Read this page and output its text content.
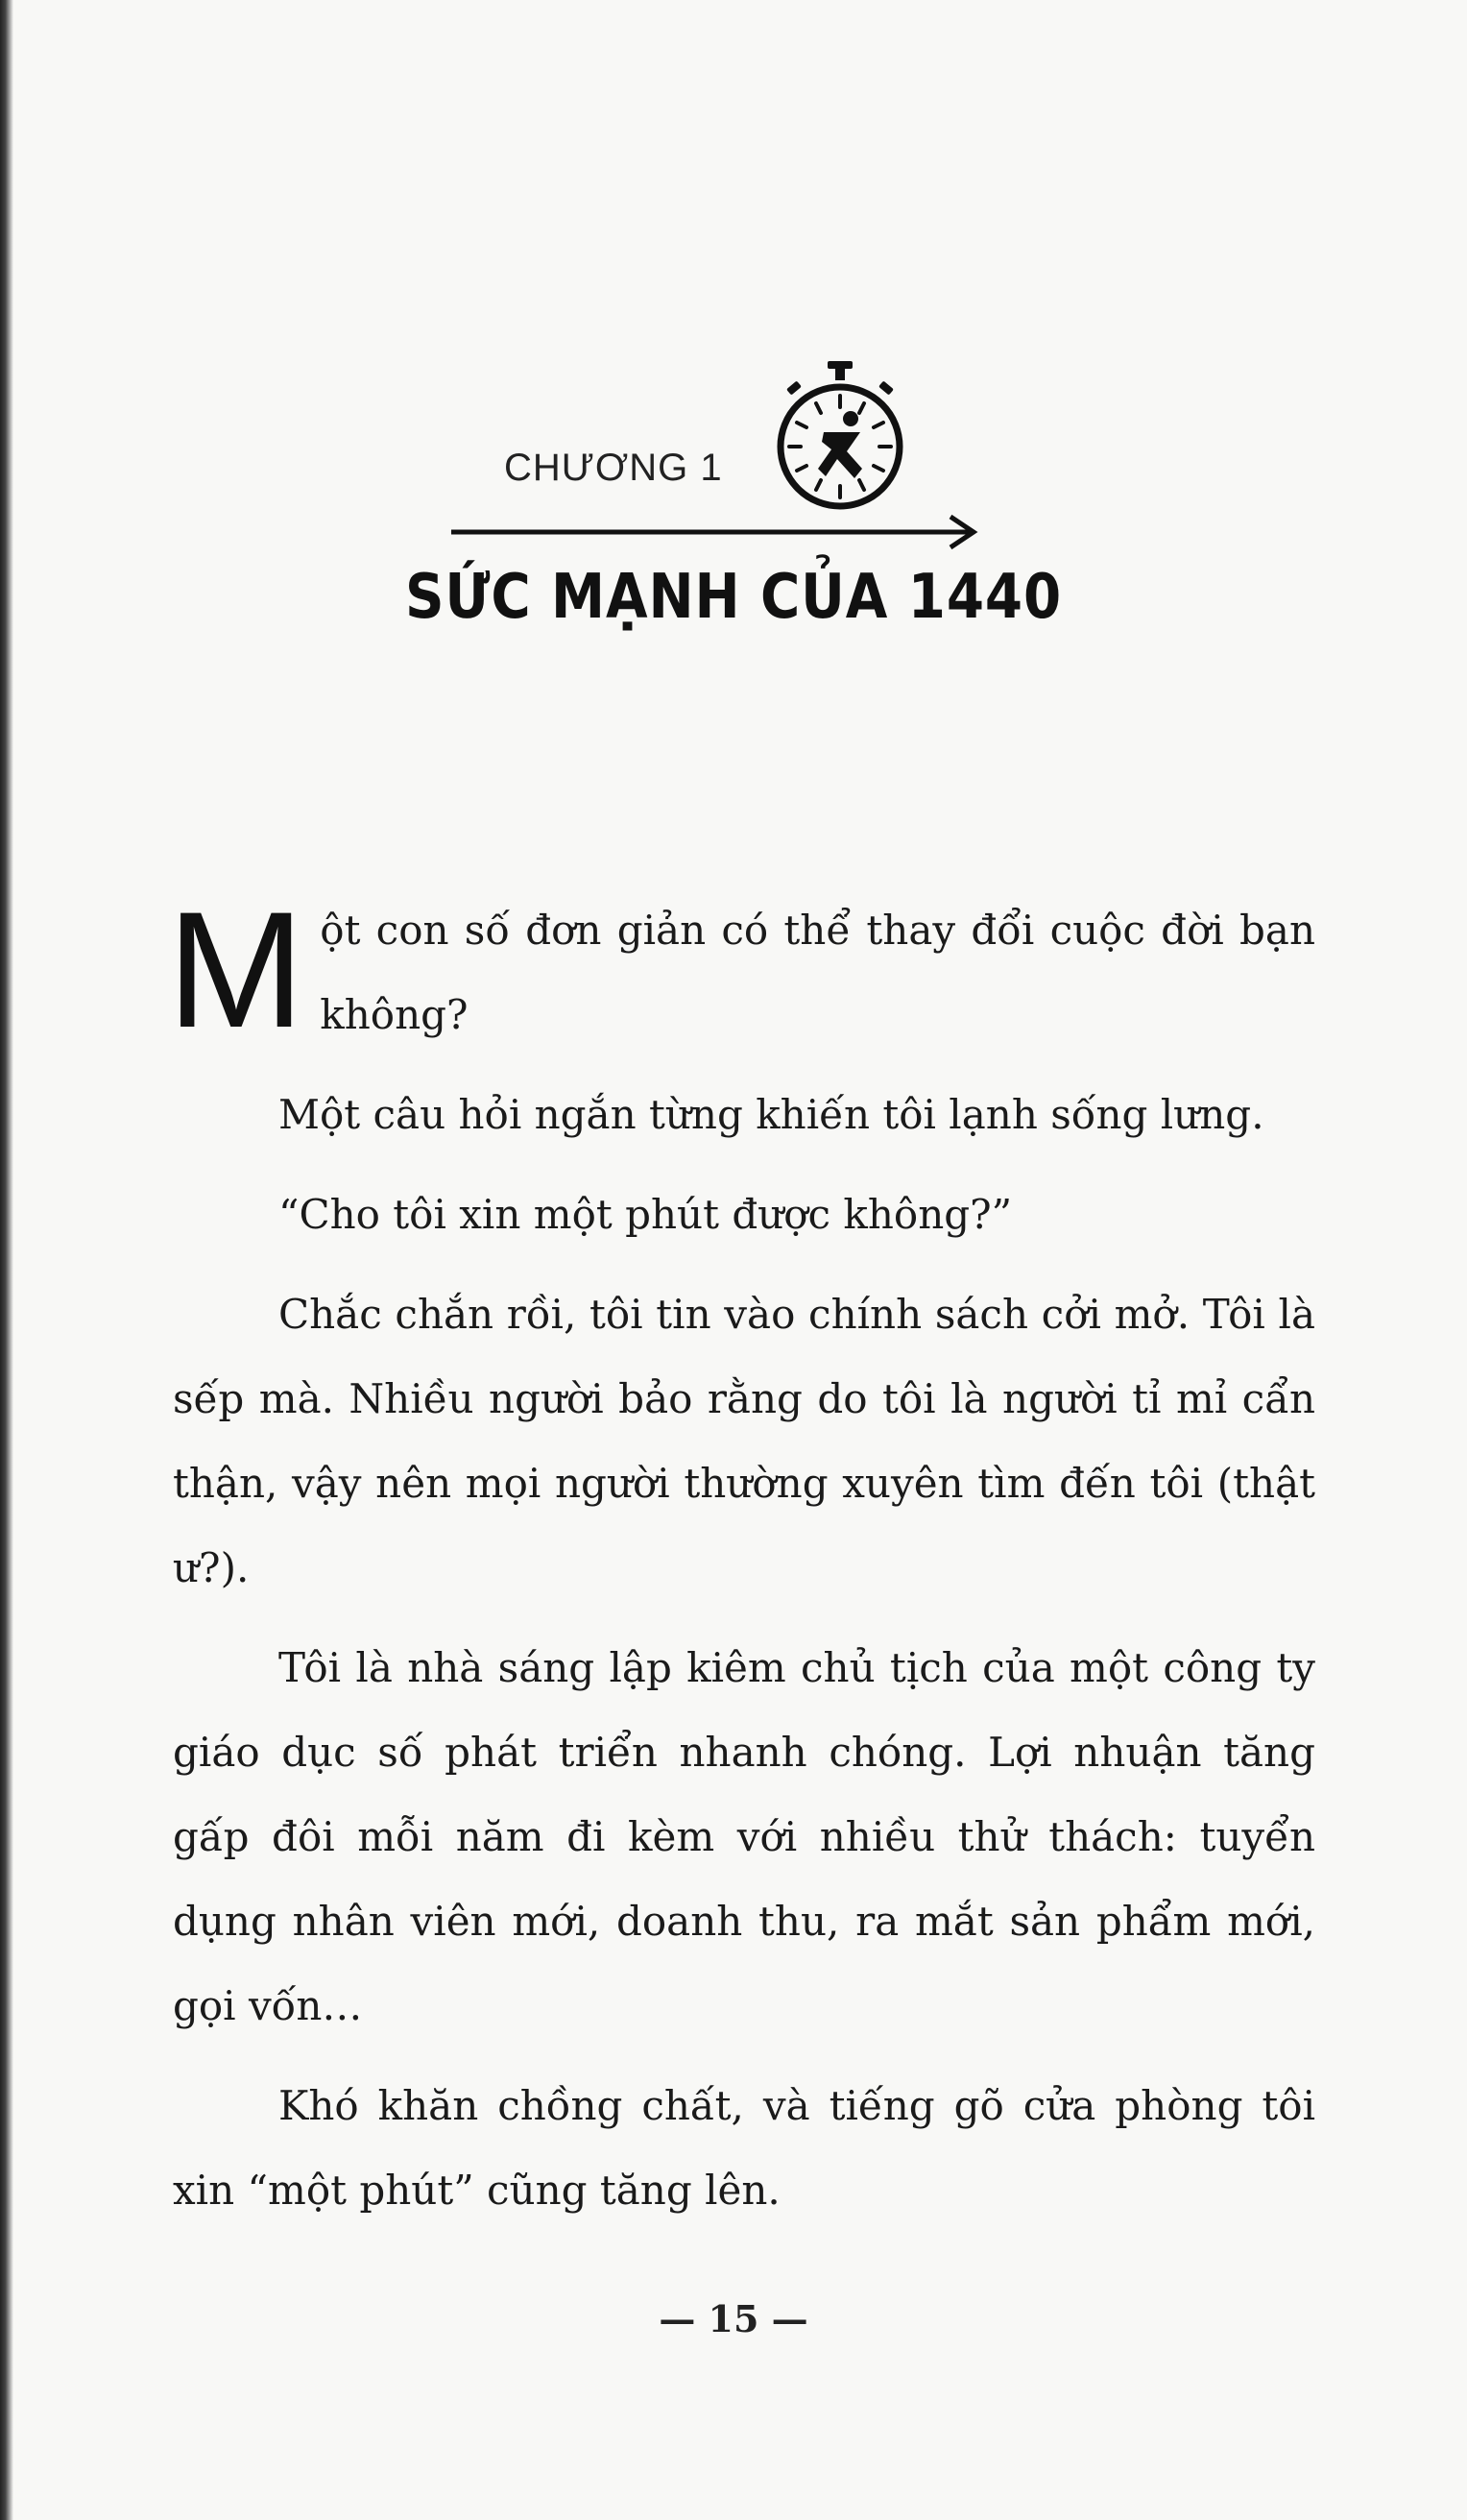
CHƯƠNG 1
SỨC MẠNH CỦA 1440

Một con số đơn giản có thể thay đổi cuộc đời bạn không?

Một câu hỏi ngắn từng khiến tôi lạnh sống lưng.

“Cho tôi xin một phút được không?”

Chắc chắn rồi, tôi tin vào chính sách cởi mở. Tôi là sếp mà. Nhiều người bảo rằng do tôi là người tỉ mỉ cẩn thận, vậy nên mọi người thường xuyên tìm đến tôi (thật ư?).

Tôi là nhà sáng lập kiêm chủ tịch của một công ty giáo dục số phát triển nhanh chóng. Lợi nhuận tăng gấp đôi mỗi năm đi kèm với nhiều thử thách: tuyển dụng nhân viên mới, doanh thu, ra mắt sản phẩm mới, gọi vốn…

Khó khăn chồng chất, và tiếng gõ cửa phòng tôi xin “một phút” cũng tăng lên.

— 15 —
